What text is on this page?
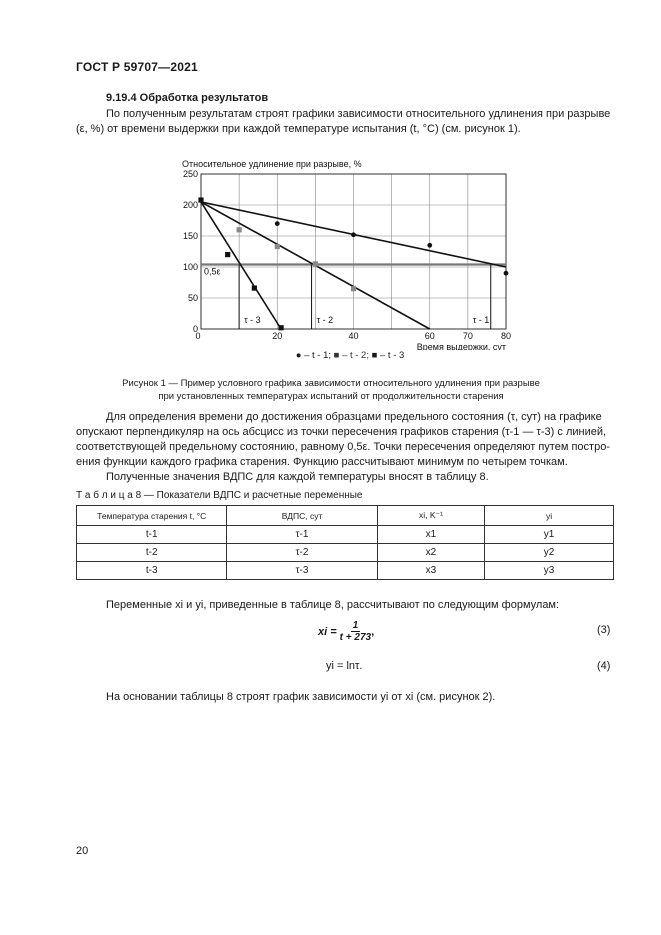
ГОСТ Р 59707—2021
9.19.4 Обработка результатов
По полученным результатам строят графики зависимости относительного удлинения при разрыве
(ε, %) от времени выдержки при каждой температуре испытания (t, °С) (см. рисунок 1).
Относительное удлинение при разрыве, %
0
50
100
150
200
250
0	20	40	60	70	80
Время выдержки, сут
0,5ε
τ - 1
τ - 2
τ - 3
● – t - 1; ■ – t - 2; ■ – t - 3
Рисунок 1 — Пример условного графика зависимости относительного удлинения при разрыве
при установленных температурах испытаний от продолжительности старения
Для определения времени до достижения образцами предельного состояния (τ, сут) на графике
опускают перпендикуляр на ось абсцисс из точки пересечения графиков старения (τ-1 — τ-3) с линией,
соответствующей предельному состоянию, равному 0,5ε. Точки пересечения определяют путем постро-
ения функции каждого графика старения. Функцию рассчитывают минимум по четырем точкам.
Полученные значения ВДПС для каждой температуры вносят в таблицу 8.
Т а б л и ц а 8 — Показатели ВДПС и расчетные переменные
Температура старения t, °С	ВДПС, сут	xi, K⁻¹	yi
t-1	τ-1	x1	y1
t-2	τ-2	x2	y2
t-3	τ-3	x3	y3
Переменные xi и yi, приведенные в таблице 8, рассчитывают по следующим формулам:
xi = $\frac{1}{t + 273}$ ,	(3)
yi = lnτ.	(4)
На основании таблицы 8 строят график зависимости yi от xi (см. рисунок 2).
20
